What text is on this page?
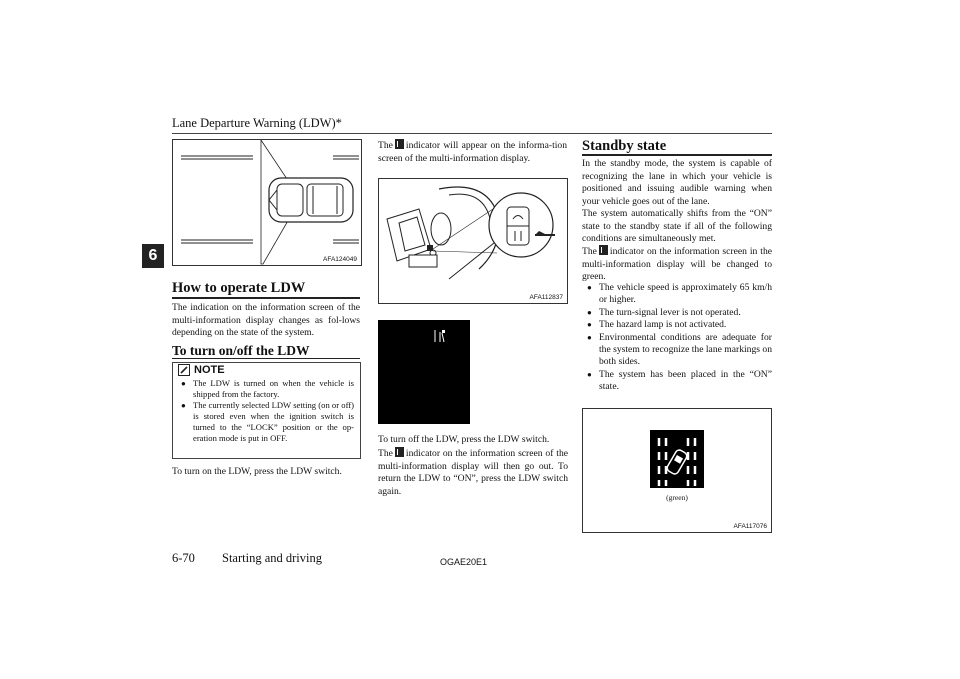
Lane Departure Warning (LDW)*
6	AFA124049
How to operate LDW

The indication on the information screen of the multi-information display changes as fol-lows depending on the state of the system.

To turn on/off the LDW
NOTE
● The LDW is turned on when the vehicle is shipped from the factory.
● The currently selected LDW setting (on or off) is stored even when the ignition switch is turned to the “LOCK” position or the op-eration mode is put in OFF.

To turn on the LDW, press the LDW switch.

The indicator will appear on the informa-tion screen of the multi-information display.

AFA112837

To turn off the LDW, press the LDW switch.

The indicator on the information screen of the multi-information display will then go out. To return the LDW to “ON”, press the LDW switch again.

Standby state

In the standby mode, the system is capable of recognizing the lane in which your vehicle is positioned and issuing audible warning when your vehicle goes out of the lane.

The system automatically shifts from the “ON” state to the standby state if all of the following conditions are simultaneously met.

The indicator on the information screen in the multi-information display will be changed to green.

● The vehicle speed is approximately 65 km/h or higher.
● The turn-signal lever is not operated.
● The hazard lamp is not activated.
● Environmental conditions are adequate for the system to recognize the lane markings on both sides.
● The system has been placed in the “ON” state.
(green)
AFA117076
6-70 Starting and driving	OGAE20E1
